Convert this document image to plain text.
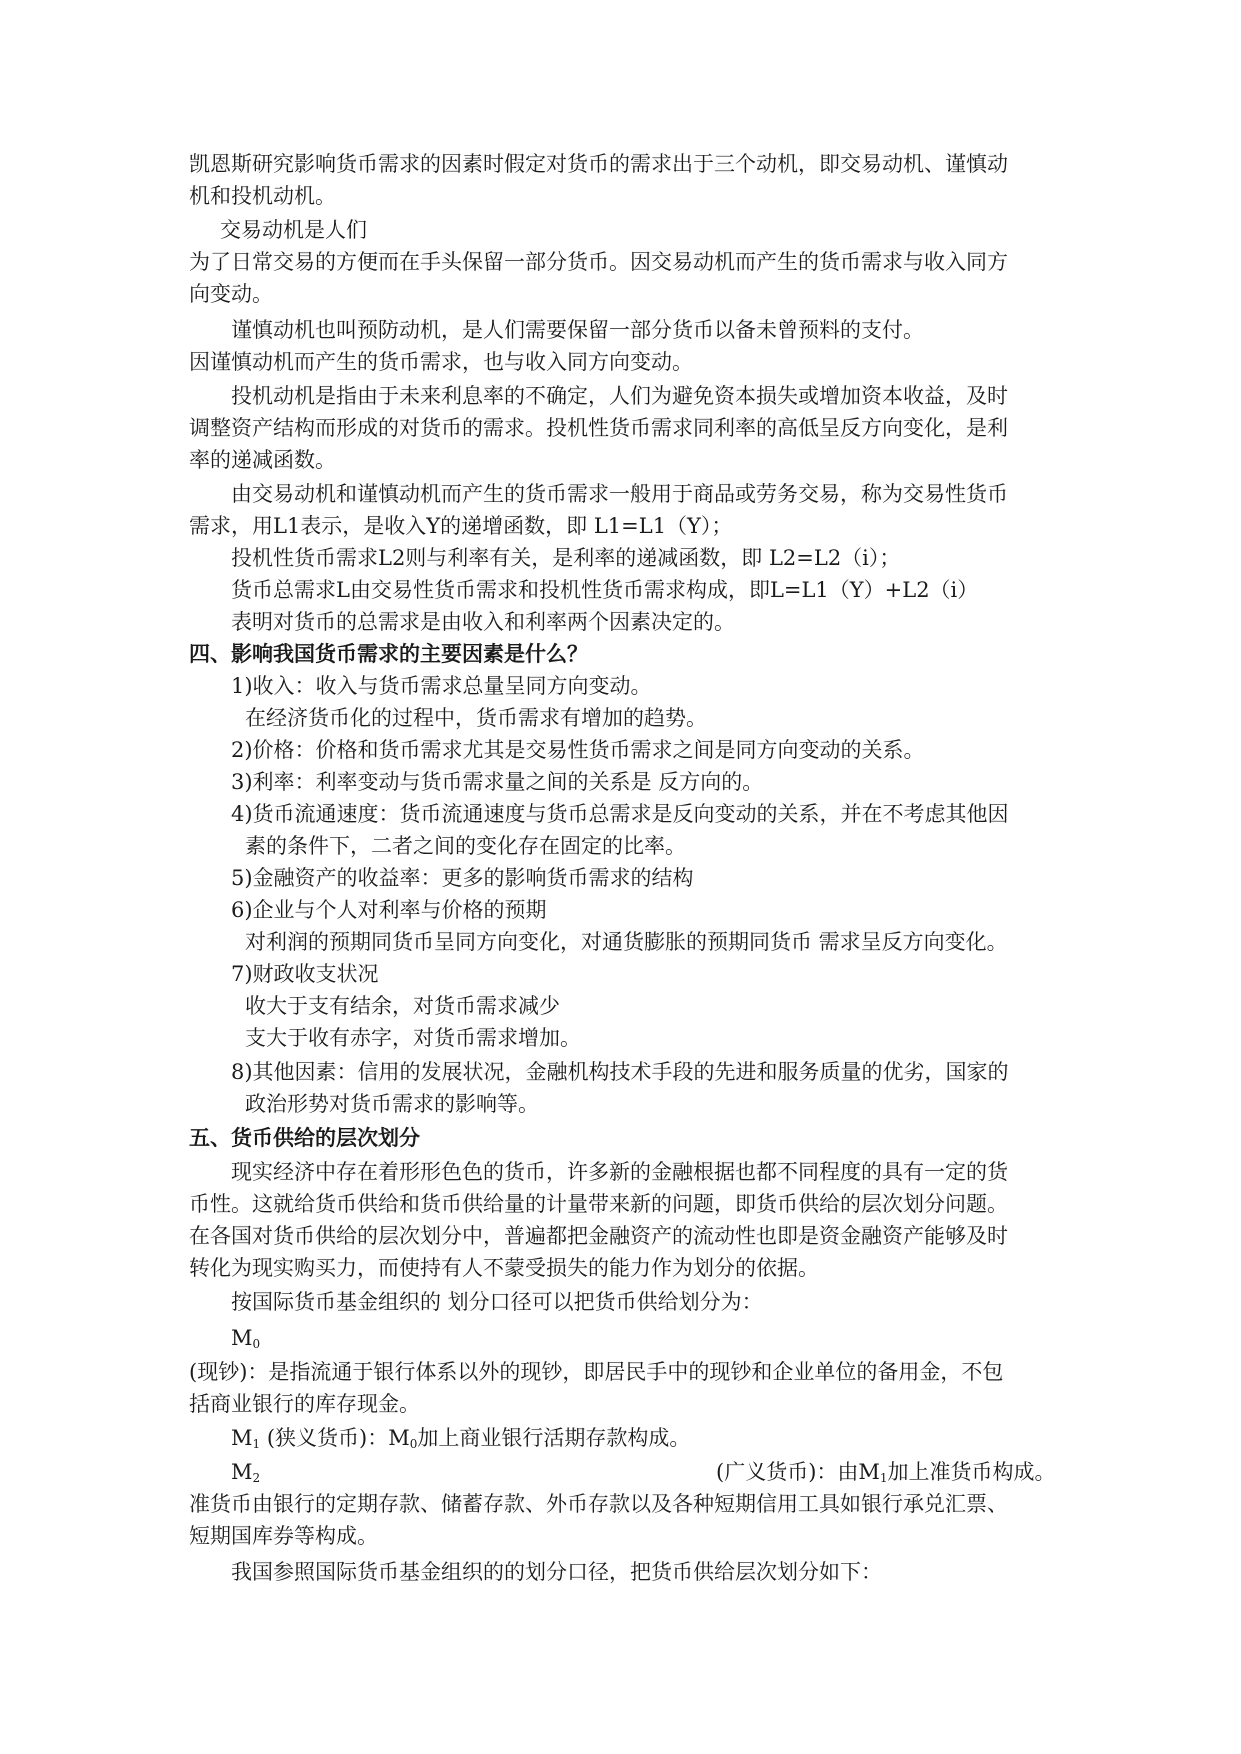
凯恩斯研究影响货币需求的因素时假定对货币的需求出于三个动机，即交易动机、谨慎动
机和投机动机。
交易动机是人们
为了日常交易的方便而在手头保留一部分货币。因交易动机而产生的货币需求与收入同方
向变动。
谨慎动机也叫预防动机，是人们需要保留一部分货币以备未曾预料的支付。
因谨慎动机而产生的货币需求，也与收入同方向变动。
投机动机是指由于未来利息率的不确定，人们为避免资本损失或增加资本收益，及时
调整资产结构而形成的对货币的需求。投机性货币需求同利率的高低呈反方向变化，是利
率的递减函数。
由交易动机和谨慎动机而产生的货币需求一般用于商品或劳务交易，称为交易性货币
需求，用L1表示，是收入Y的递增函数，即 L1=L1（Y）；
投机性货币需求L2则与利率有关，是利率的递减函数，即 L2=L2（i）；
货币总需求L由交易性货币需求和投机性货币需求构成，即L=L1（Y）+L2（i）
表明对货币的总需求是由收入和利率两个因素决定的。
四、影响我国货币需求的主要因素是什么？
1)收入：收入与货币需求总量呈同方向变动。
在经济货币化的过程中，货币需求有增加的趋势。
2)价格：价格和货币需求尤其是交易性货币需求之间是同方向变动的关系。
3)利率：利率变动与货币需求量之间的关系是 反方向的。
4)货币流通速度：货币流通速度与货币总需求是反向变动的关系，并在不考虑其他因
素的条件下，二者之间的变化存在固定的比率。
5)金融资产的收益率：更多的影响货币需求的结构
6)企业与个人对利率与价格的预期
对利润的预期同货币呈同方向变化，对通货膨胀的预期同货币 需求呈反方向变化。
7)财政收支状况
收大于支有结余，对货币需求减少
支大于收有赤字，对货币需求增加。
8)其他因素：信用的发展状况，金融机构技术手段的先进和服务质量的优劣，国家的
政治形势对货币需求的影响等。
五、货币供给的层次划分
现实经济中存在着形形色色的货币，许多新的金融根据也都不同程度的具有一定的货
币性。这就给货币供给和货币供给量的计量带来新的问题，即货币供给的层次划分问题。
在各国对货币供给的层次划分中，普遍都把金融资产的流动性也即是资金融资产能够及时
转化为现实购买力，而使持有人不蒙受损失的能力作为划分的依据。
按国际货币基金组织的 划分口径可以把货币供给划分为：
$M_0$
(现钞)：是指流通于银行体系以外的现钞，即居民手中的现钞和企业单位的备用金，不包
括商业银行的库存现金。
$M_1$ (狭义货币)：$M_0$加上商业银行活期存款构成。
$M_2$	(广义货币)：由$M_1$加上准货币构成。
准货币由银行的定期存款、储蓄存款、外币存款以及各种短期信用工具如银行承兑汇票、
短期国库券等构成。
我国参照国际货币基金组织的的划分口径，把货币供给层次划分如下：
